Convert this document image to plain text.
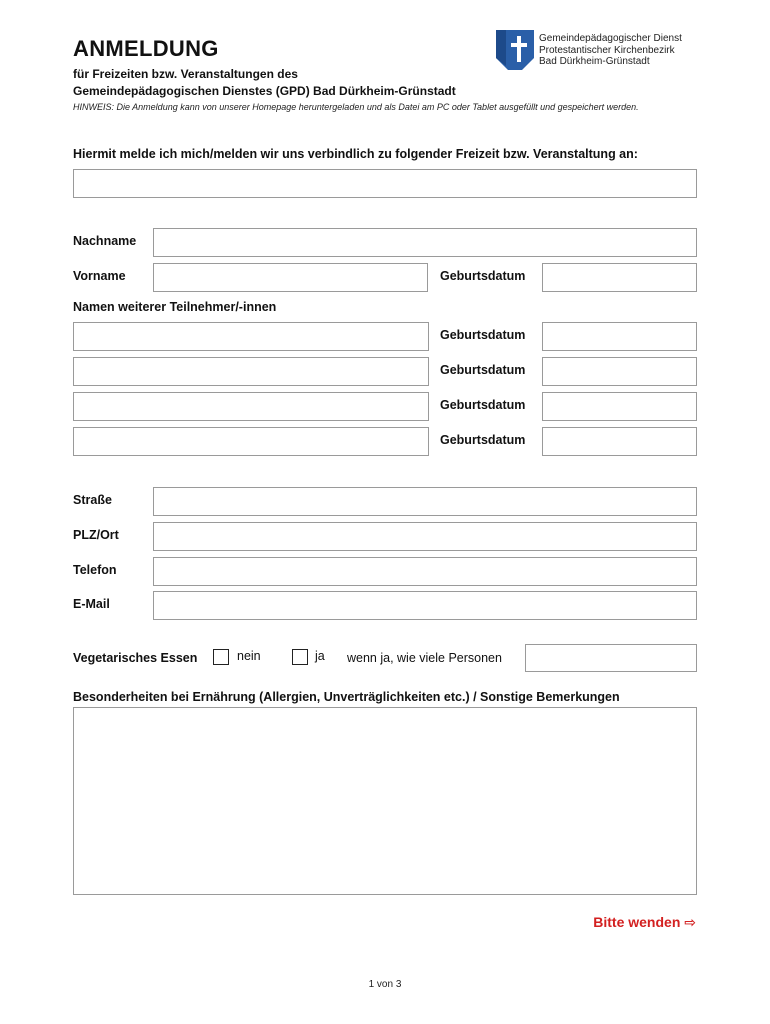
ANMELDUNG
für Freizeiten bzw. Veranstaltungen des
Gemeindepädagogischen Dienstes (GPD) Bad Dürkheim-Grünstadt
HINWEIS: Die Anmeldung kann von unserer Homepage heruntergeladen und als Datei am PC oder Tablet ausgefüllt und gespeichert werden.
Gemeindepädagogischer Dienst
Protestantischer Kirchenbezirk
Bad Dürkheim-Grünstadt
Hiermit melde ich mich/melden wir uns verbindlich zu folgender Freizeit bzw. Veranstaltung an:
Nachname
Vorname	Geburtsdatum
Namen weiterer Teilnehmer/-innen
Geburtsdatum
Geburtsdatum
Geburtsdatum
Geburtsdatum
Straße
PLZ/Ort
Telefon
E-Mail
Vegetarisches Essen	nein	ja wenn ja, wie viele Personen
Besonderheiten bei Ernährung (Allergien, Unverträglichkeiten etc.) / Sonstige Bemerkungen
Bitte wenden ⇨
1 von 3
